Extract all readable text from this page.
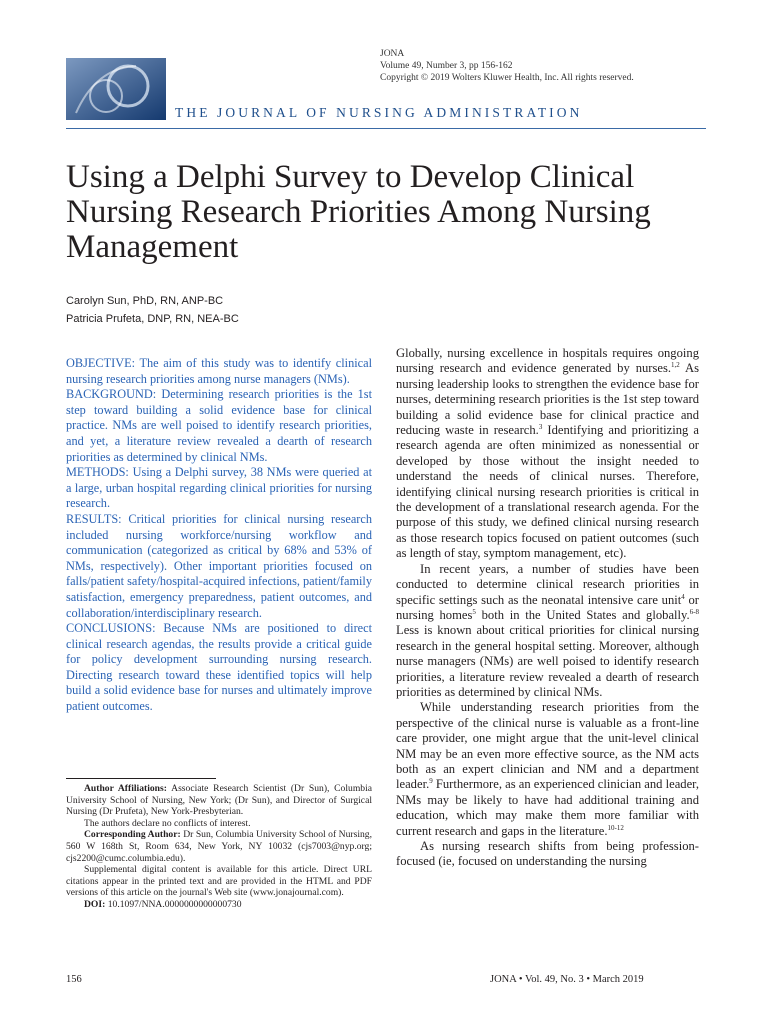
JONA
Volume 49, Number 3, pp 156-162
Copyright © 2019 Wolters Kluwer Health, Inc. All rights reserved.
THE JOURNAL OF NURSING ADMINISTRATION
Using a Delphi Survey to Develop Clinical Nursing Research Priorities Among Nursing Management
Carolyn Sun, PhD, RN, ANP-BC
Patricia Prufeta, DNP, RN, NEA-BC

OBJECTIVE: The aim of this study was to identify clinical nursing research priorities among nurse managers (NMs).

BACKGROUND: Determining research priorities is the 1st step toward building a solid evidence base for clinical practice. NMs are well poised to identify research priorities, and yet, a literature review revealed a dearth of research priorities as determined by clinical NMs.

METHODS: Using a Delphi survey, 38 NMs were queried at a large, urban hospital regarding clinical priorities for nursing research.

RESULTS: Critical priorities for clinical nursing research included nursing workforce/nursing workflow and communication (categorized as critical by 68% and 53% of NMs, respectively). Other important priorities focused on falls/patient safety/hospital-acquired infections, patient/family satisfaction, emergency preparedness, patient outcomes, and collaboration/interdisciplinary research.

CONCLUSIONS: Because NMs are positioned to direct clinical research agendas, the results provide a critical guide for policy development surrounding nursing research. Directing research toward these identified topics will help build a solid evidence base for nurses and ultimately improve patient outcomes.

Author Affiliations: Associate Research Scientist (Dr Sun), Columbia University School of Nursing, New York; (Dr Sun), and Director of Surgical Nursing (Dr Prufeta), New York-Presbyterian.

The authors declare no conflicts of interest.

Corresponding Author: Dr Sun, Columbia University School of Nursing, 560 W 168th St, Room 634, New York, NY 10032 (cjs7003@nyp.org; cjs2200@cumc.columbia.edu).

Supplemental digital content is available for this article. Direct URL citations appear in the printed text and are provided in the HTML and PDF versions of this article on the journal's Web site (www.jonajournal.com).

DOI: 10.1097/NNA.0000000000000730

Globally, nursing excellence in hospitals requires ongoing nursing research and evidence generated by nurses.$^{1,2}$ As nursing leadership looks to strengthen the evidence base for nurses, determining research priorities is the 1st step toward building a solid evidence base for clinical practice and reducing waste in research.$^3$ Identifying and prioritizing a research agenda are often minimized as nonessential or developed by those without the insight needed to understand the needs of clinical nurses. Therefore, identifying clinical nursing research priorities is critical in the development of a translational research agenda. For the purpose of this study, we defined clinical nursing research as those research topics focused on patient outcomes (such as length of stay, symptom management, etc).

In recent years, a number of studies have been conducted to determine clinical research priorities in specific settings such as the neonatal intensive care unit$^4$ or nursing homes$^5$ both in the United States and globally.$^{6-8}$ Less is known about critical priorities for clinical nursing research in the general hospital setting. Moreover, although nurse managers (NMs) are well poised to identify research priorities, a literature review revealed a dearth of research priorities as determined by clinical NMs.

While understanding research priorities from the perspective of the clinical nurse is valuable as a front-line care provider, one might argue that the unit-level clinical NM may be an even more effective source, as the NM acts both as an expert clinician and NM and a department leader.$^9$ Furthermore, as an experienced clinician and leader, NMs may be likely to have had additional training and education, which may make them more familiar with current research and gaps in the literature.$^{10-12}$

As nursing research shifts from being profession-focused (ie, focused on understanding the nursing

156	JONA • Vol. 49, No. 3 • March 2019
